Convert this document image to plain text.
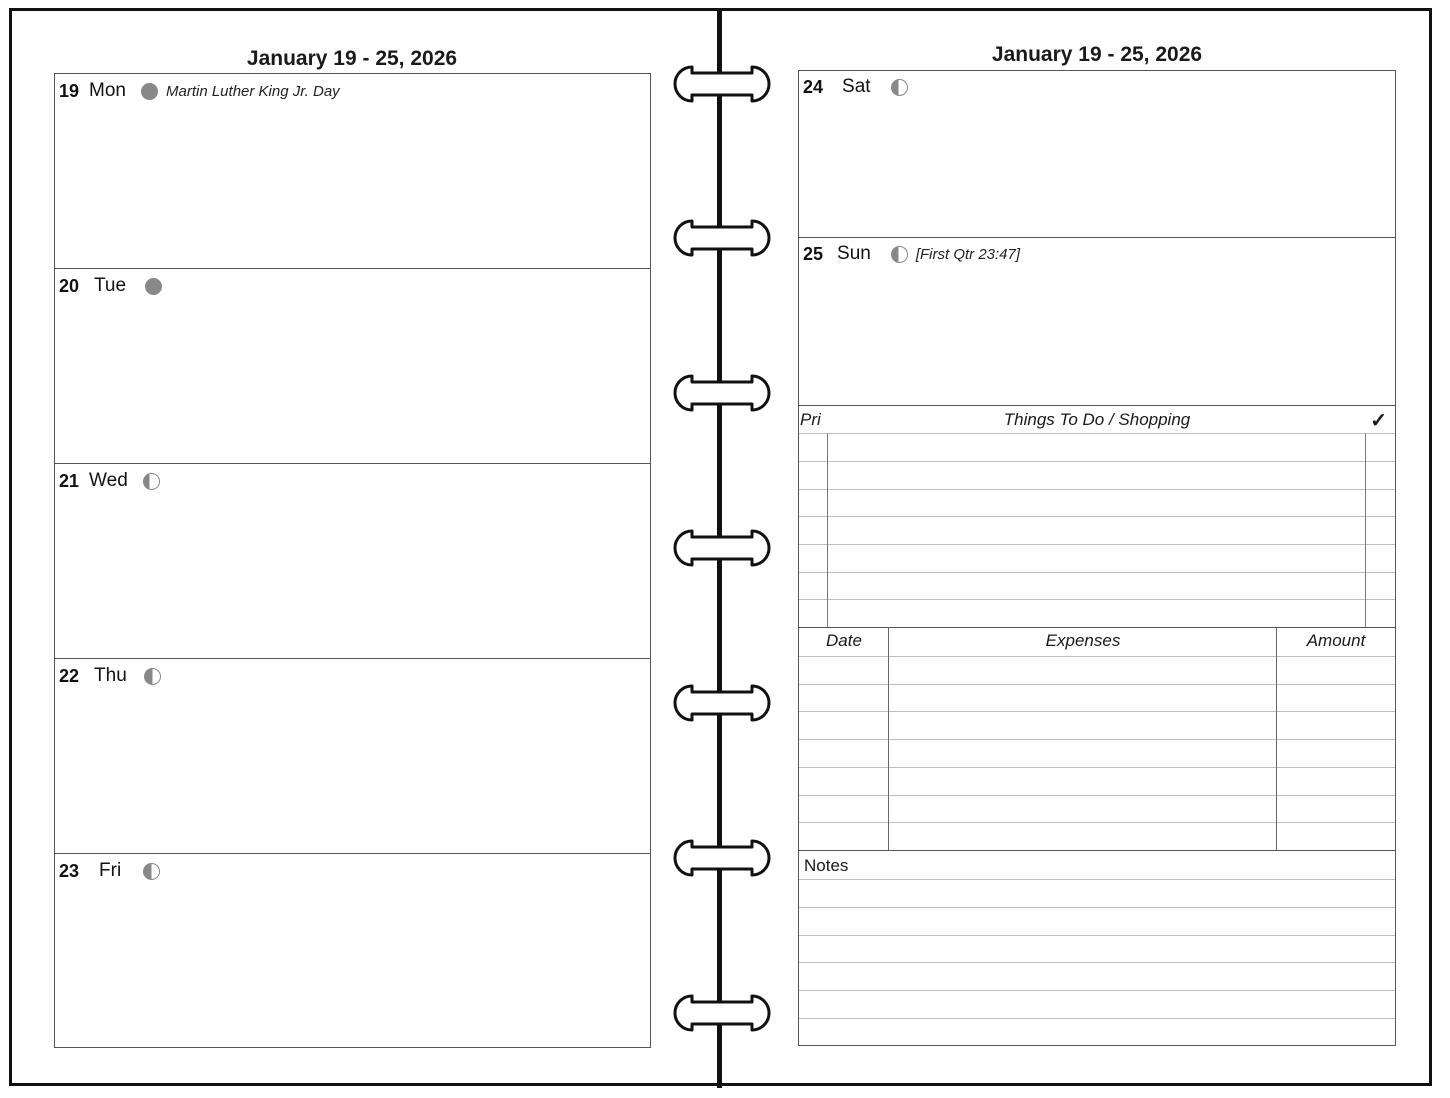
January 19 - 25, 2026	January 19 - 25, 2026
19 Mon	Martin Luther King Jr. Day
20 Tue
21 Wed
22 Thu
23 Fri
24 Sat
25 Sun	[First Qtr 23:47]
Pri	Things To Do / Shopping	✓
Date	Expenses	Amount
Notes
